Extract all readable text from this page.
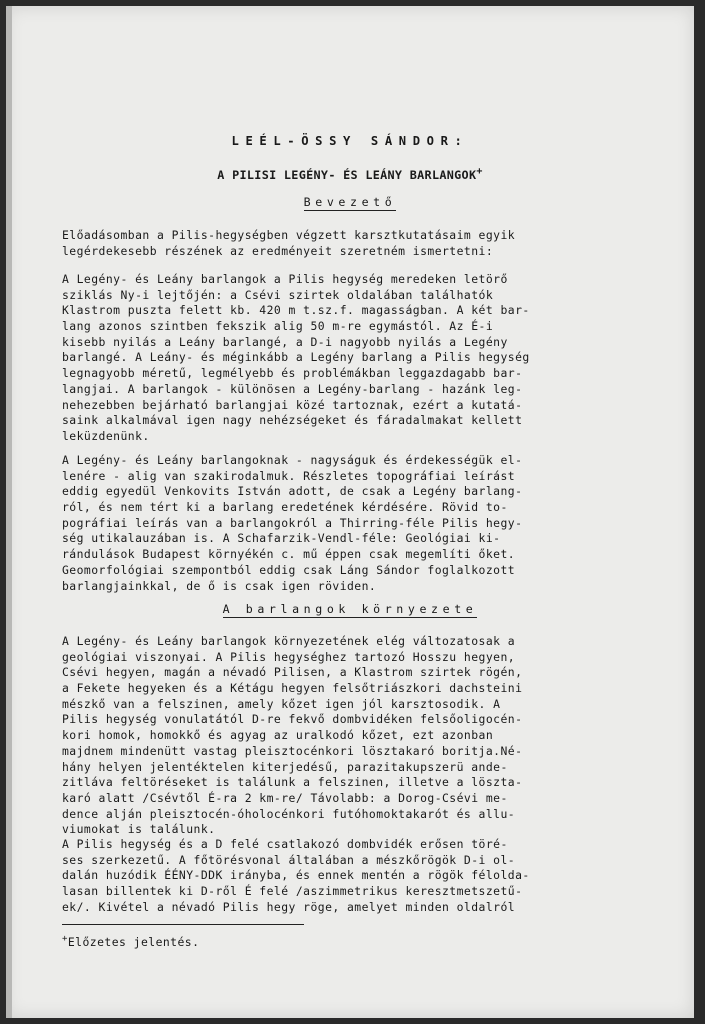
LEÉL-ÖSSY SÁNDOR:
A PILISI LEGÉNY- ÉS LEÁNY BARLANGOK+
Bevezető
Előadásomban a Pilis-hegységben végzett karsztkutatásaim egyik
legérdekesebb részének az eredményeit szeretném ismertetni:
A Legény- és Leány barlangok a Pilis hegység meredeken letörő
sziklás Ny-i lejtőjén: a Csévi szirtek oldalában találhatók
Klastrom puszta felett kb. 420 m t.sz.f. magasságban. A két bar-
lang azonos szintben fekszik alig 50 m-re egymástól. Az É-i
kisebb nyilás a Leány barlangé, a D-i nagyobb nyilás a Legény
barlangé. A Leány- és méginkább a Legény barlang a Pilis hegység
legnagyobb méretű, legmélyebb és problémákban leggazdagabb bar-
langjai. A barlangok - különösen a Legény-barlang - hazánk leg-
nehezebben bejárható barlangjai közé tartoznak, ezért a kutatá-
saink alkalmával igen nagy nehézségeket és fáradalmakat kellett
leküzdenünk.
A Legény- és Leány barlangoknak - nagyságuk és érdekességük el-
lenére - alig van szakirodalmuk. Részletes topográfiai leírást
eddig egyedül Venkovits István adott, de csak a Legény barlang-
ról, és nem tért ki a barlang eredetének kérdésére. Rövid to-
pográfiai leírás van a barlangokról a Thirring-féle Pilis hegy-
ség utikalauzában is. A Schafarzik-Vendl-féle: Geológiai ki-
rándulások Budapest környékén c. mű éppen csak megemlíti őket.
Geomorfológiai szempontból eddig csak Láng Sándor foglalkozott
barlangjainkkal, de ő is csak igen röviden.
A barlangok környezete
A Legény- és Leány barlangok környezetének elég változatosak a
geológiai viszonyai. A Pilis hegységhez tartozó Hosszu hegyen,
Csévi hegyen, magán a névadó Pilisen, a Klastrom szirtek rögén,
a Fekete hegyeken és a Kétágu hegyen felsőtriászkori dachsteini
mészkő van a felszinen, amely kőzet igen jól karsztosodik. A
Pilis hegység vonulatától D-re fekvő dombvidéken felsőoligocén-
kori homok, homokkő és agyag az uralkodó kőzet, ezt azonban
majdnem mindenütt vastag pleisztocénkori lösztakaró boritja.Né-
hány helyen jelentéktelen kiterjedésű, parazitakupszerü ande-
zitláva feltöréseket is találunk a felszinen, illetve a löszta-
karó alatt /Csévtől É-ra 2 km-re/ Távolabb: a Dorog-Csévi me-
dence alján pleisztocén-óholocénkori futóhomoktakarót és allu-
viumokat is találunk.
A Pilis hegység és a D felé csatlakozó dombvidék erősen töré-
ses szerkezetű. A főtörésvonal általában a mészkőrögök D-i ol-
dalán huzódik ÉÉNY-DDK irányba, és ennek mentén a rögök félolda-
lasan billentek ki D-ről É felé /aszimmetrikus keresztmetszetű-
ek/. Kivétel a névadó Pilis hegy röge, amelyet minden oldalról
+Előzetes jelentés.
